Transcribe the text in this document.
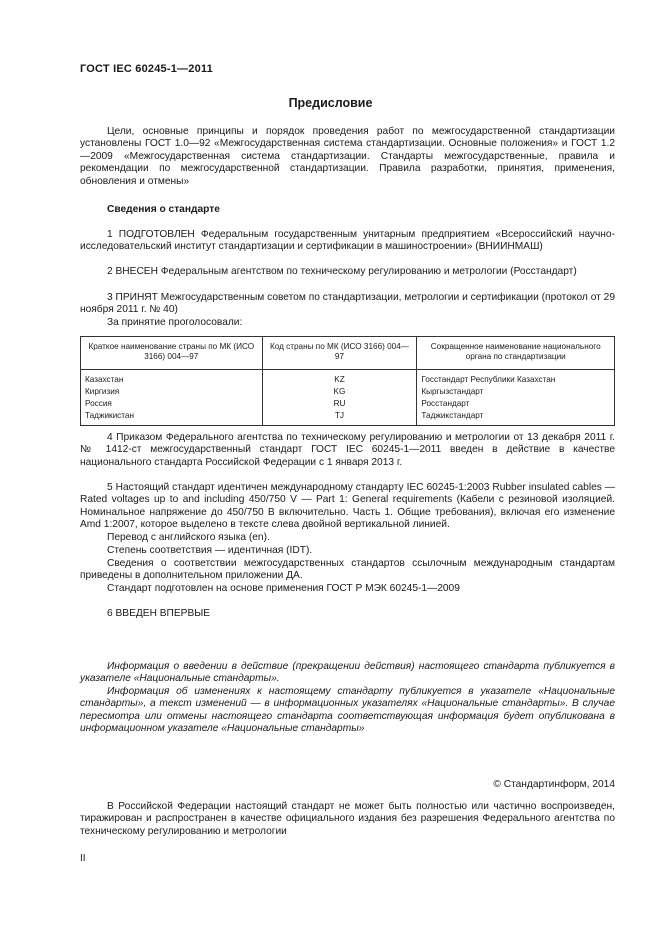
ГОСТ IEC 60245-1—2011
Предисловие
Цели, основные принципы и порядок проведения работ по межгосударственной стандартизации установлены ГОСТ 1.0—92 «Межгосударственная система стандартизации. Основные положения» и ГОСТ 1.2—2009 «Межгосударственная система стандартизации. Стандарты межгосударственные, правила и рекомендации по межгосударственной стандартизации. Правила разработки, принятия, применения, обновления и отмены»
Сведения о стандарте
1 ПОДГОТОВЛЕН Федеральным государственным унитарным предприятием «Всероссийский научно-исследовательский институт стандартизации и сертификации в машиностроении» (ВНИИНМАШ)
2 ВНЕСЕН Федеральным агентством по техническому регулированию и метрологии (Росстандарт)
3 ПРИНЯТ Межгосударственным советом по стандартизации, метрологии и сертификации (протокол от 29 ноября 2011 г. № 40)
За принятие проголосовали:
Краткое наименование страны по МК (ИСО 3166) 004—97	Код страны по МК (ИСО 3166) 004—97	Сокращенное наименование национального органа по стандартизации
Казахстан	KZ	Госстандарт Республики Казахстан
Киргизия	KG	Кыргызстандарт
Россия	RU	Росстандарт
Таджикистан	TJ	Таджикстандарт
4 Приказом Федерального агентства по техническому регулированию и метрологии от 13 декабря 2011 г. № 1412-ст межгосударственный стандарт ГОСТ IEC 60245-1—2011 введен в действие в качестве национального стандарта Российской Федерации с 1 января 2013 г.
5 Настоящий стандарт идентичен международному стандарту IEC 60245-1:2003 Rubber insulated cables — Rated voltages up to and including 450/750 V — Part 1: General requirements (Кабели с резиновой изоляцией. Номинальное напряжение до 450/750 В включительно. Часть 1. Общие требования), включая его изменение Amd 1:2007, которое выделено в тексте слева двойной вертикальной линией.
Перевод с английского языка (en).
Степень соответствия — идентичная (IDT).
Сведения о соответствии межгосударственных стандартов ссылочным международным стандартам приведены в дополнительном приложении ДА.
Стандарт подготовлен на основе применения ГОСТ Р МЭК 60245-1—2009
6 ВВЕДЕН ВПЕРВЫЕ
Информация о введении в действие (прекращении действия) настоящего стандарта публикуется в указателе «Национальные стандарты».
Информация об изменениях к настоящему стандарту публикуется в указателе «Национальные стандарты», а текст изменений — в информационных указателях «Национальные стандарты». В случае пересмотра или отмены настоящего стандарта соответствующая информация будет опубликована в информационном указателе «Национальные стандарты»
© Стандартинформ, 2014
В Российской Федерации настоящий стандарт не может быть полностью или частично воспроизведен, тиражирован и распространен в качестве официального издания без разрешения Федерального агентства по техническому регулированию и метрологии
II
